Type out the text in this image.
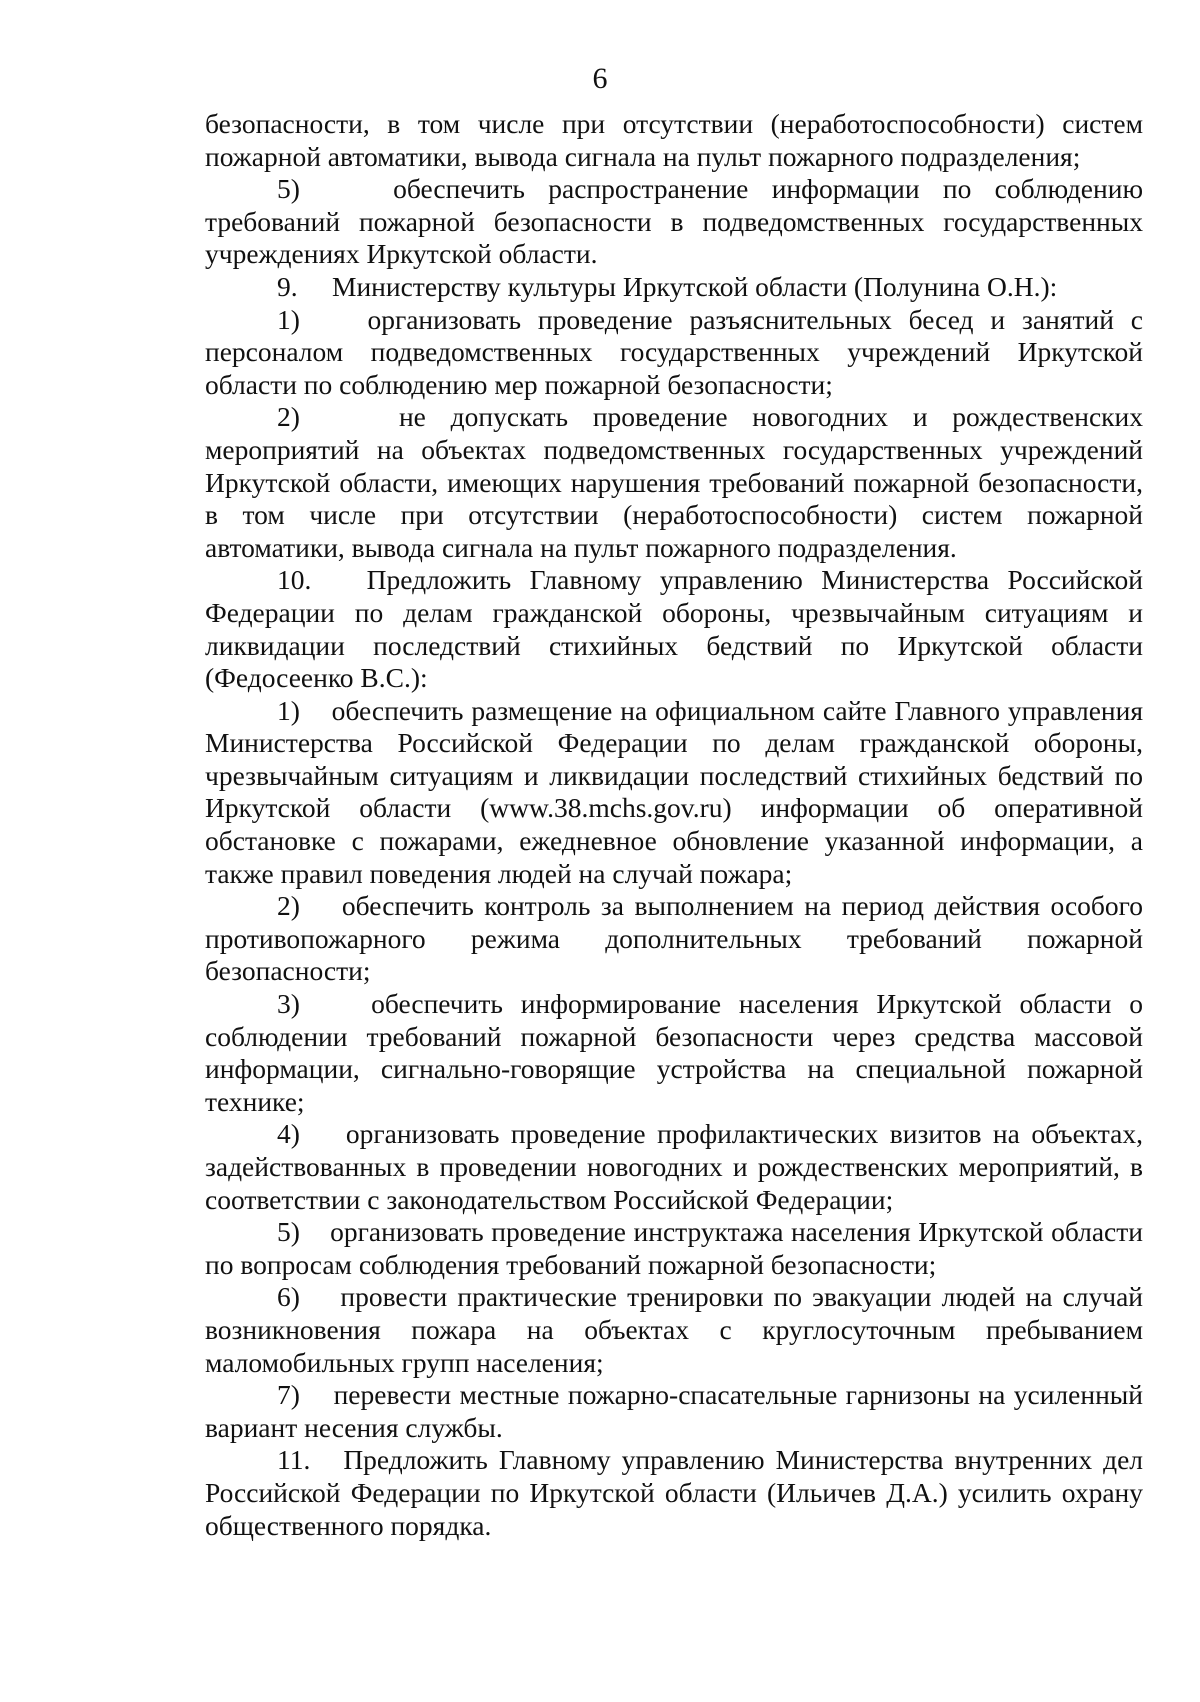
6

безопасности, в том числе при отсутствии (неработоспособности) систем пожарной автоматики, вывода сигнала на пульт пожарного подразделения;

5)    обеспечить распространение информации по соблюдению требований пожарной безопасности в подведомственных государственных учреждениях Иркутской области.

9.     Министерству культуры Иркутской области (Полунина О.Н.):

1)    организовать проведение разъяснительных бесед и занятий с персоналом подведомственных государственных учреждений Иркутской области по соблюдению мер пожарной безопасности;

2)    не допускать проведение новогодних и рождественских мероприятий на объектах подведомственных государственных учреждений Иркутской области, имеющих нарушения требований пожарной безопасности, в том числе при отсутствии (неработоспособности) систем пожарной автоматики, вывода сигнала на пульт пожарного подразделения.

10.   Предложить Главному управлению Министерства Российской Федерации по делам гражданской обороны, чрезвычайным ситуациям и ликвидации последствий стихийных бедствий по Иркутской области (Федосеенко В.С.):

1)    обеспечить размещение на официальном сайте Главного управления Министерства Российской Федерации по делам гражданской обороны, чрезвычайным ситуациям и ликвидации последствий стихийных бедствий по Иркутской области (www.38.mchs.gov.ru) информации об оперативной обстановке с пожарами, ежедневное обновление указанной информации, а также правил поведения людей на случай пожара;

2)    обеспечить контроль за выполнением на период действия особого противопожарного режима дополнительных требований пожарной безопасности;

3)    обеспечить информирование населения Иркутской области о соблюдении требований пожарной безопасности через средства массовой информации, сигнально-говорящие устройства на специальной пожарной технике;

4)    организовать проведение профилактических визитов на объектах, задействованных в проведении новогодних и рождественских мероприятий, в соответствии с законодательством Российской Федерации;

5)    организовать проведение инструктажа населения Иркутской области по вопросам соблюдения требований пожарной безопасности;

6)    провести практические тренировки по эвакуации людей на случай возникновения пожара на объектах с круглосуточным пребыванием маломобильных групп населения;

7)    перевести местные пожарно-спасательные гарнизоны на усиленный вариант несения службы.

11.   Предложить Главному управлению Министерства внутренних дел Российской Федерации по Иркутской области (Ильичев Д.А.) усилить охрану общественного порядка.
